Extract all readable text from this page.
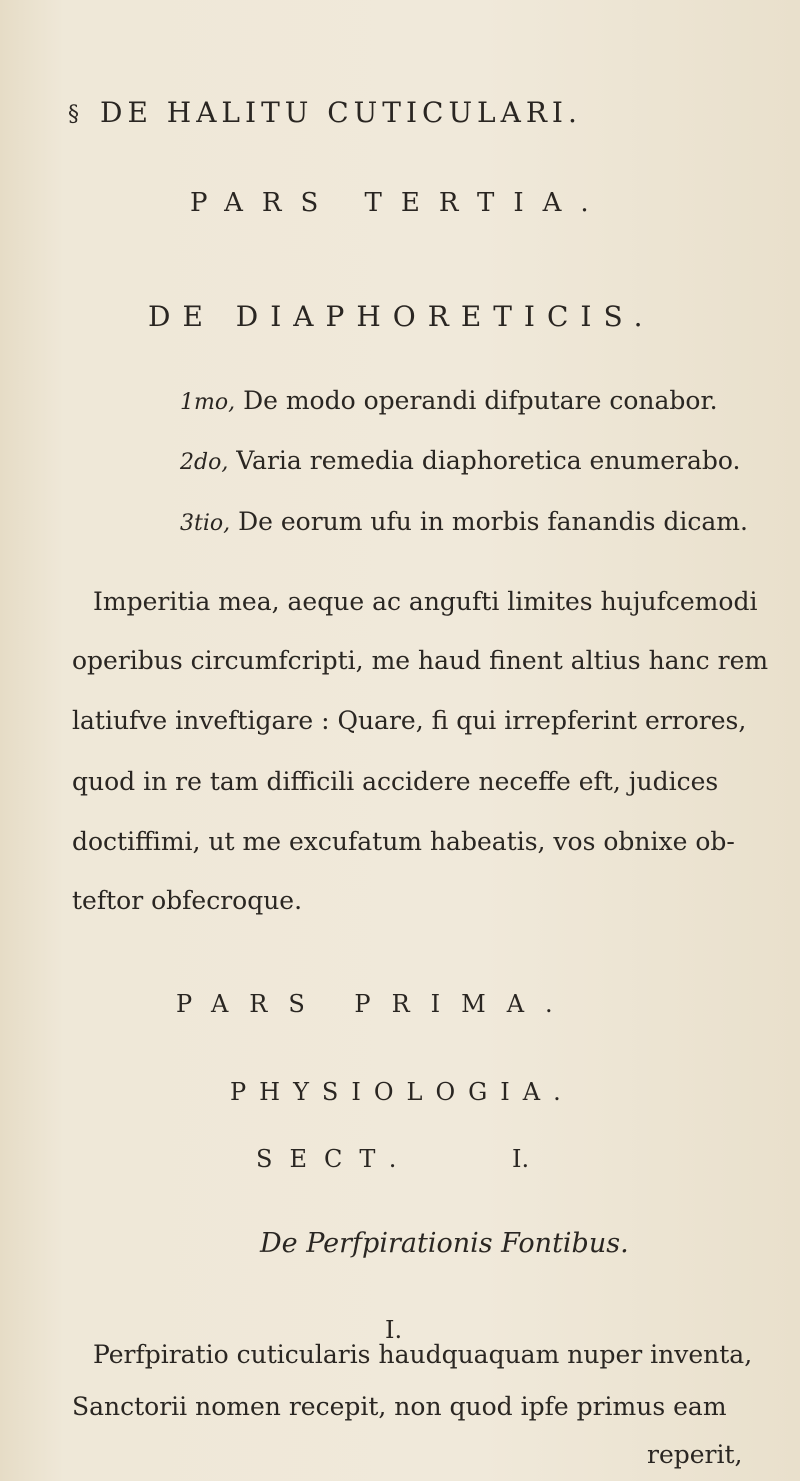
§ DE HALITU CUTICULARI.
PARS TERTIA.
DE DIAPHORETICIS.
1mo, De modo operandi difputare conabor.
2do, Varia remedia diaphoretica enumerabo.
3tio, De eorum ufu in morbis fanandis dicam.
Imperitia mea, aeque ac angufti limites hujufcemodi
operibus circumfcripti, me haud finent altius hanc rem
latiufve inveftigare : Quare, fi qui irrepferint errores,
quod in re tam difficili accidere neceffe eft, judices
doctiffimi, ut me excufatum habeatis, vos obnixe ob-
teftor obfecroque.
PARS PRIMA.
PHYSIOLOGIA.
SECT.	I.
De Perfpirationis Fontibus.
I.
Perfpiratio cuticularis haudquaquam nuper inventa,
Sanctorii nomen recepit, non quod ipfe primus eam
reperit,
